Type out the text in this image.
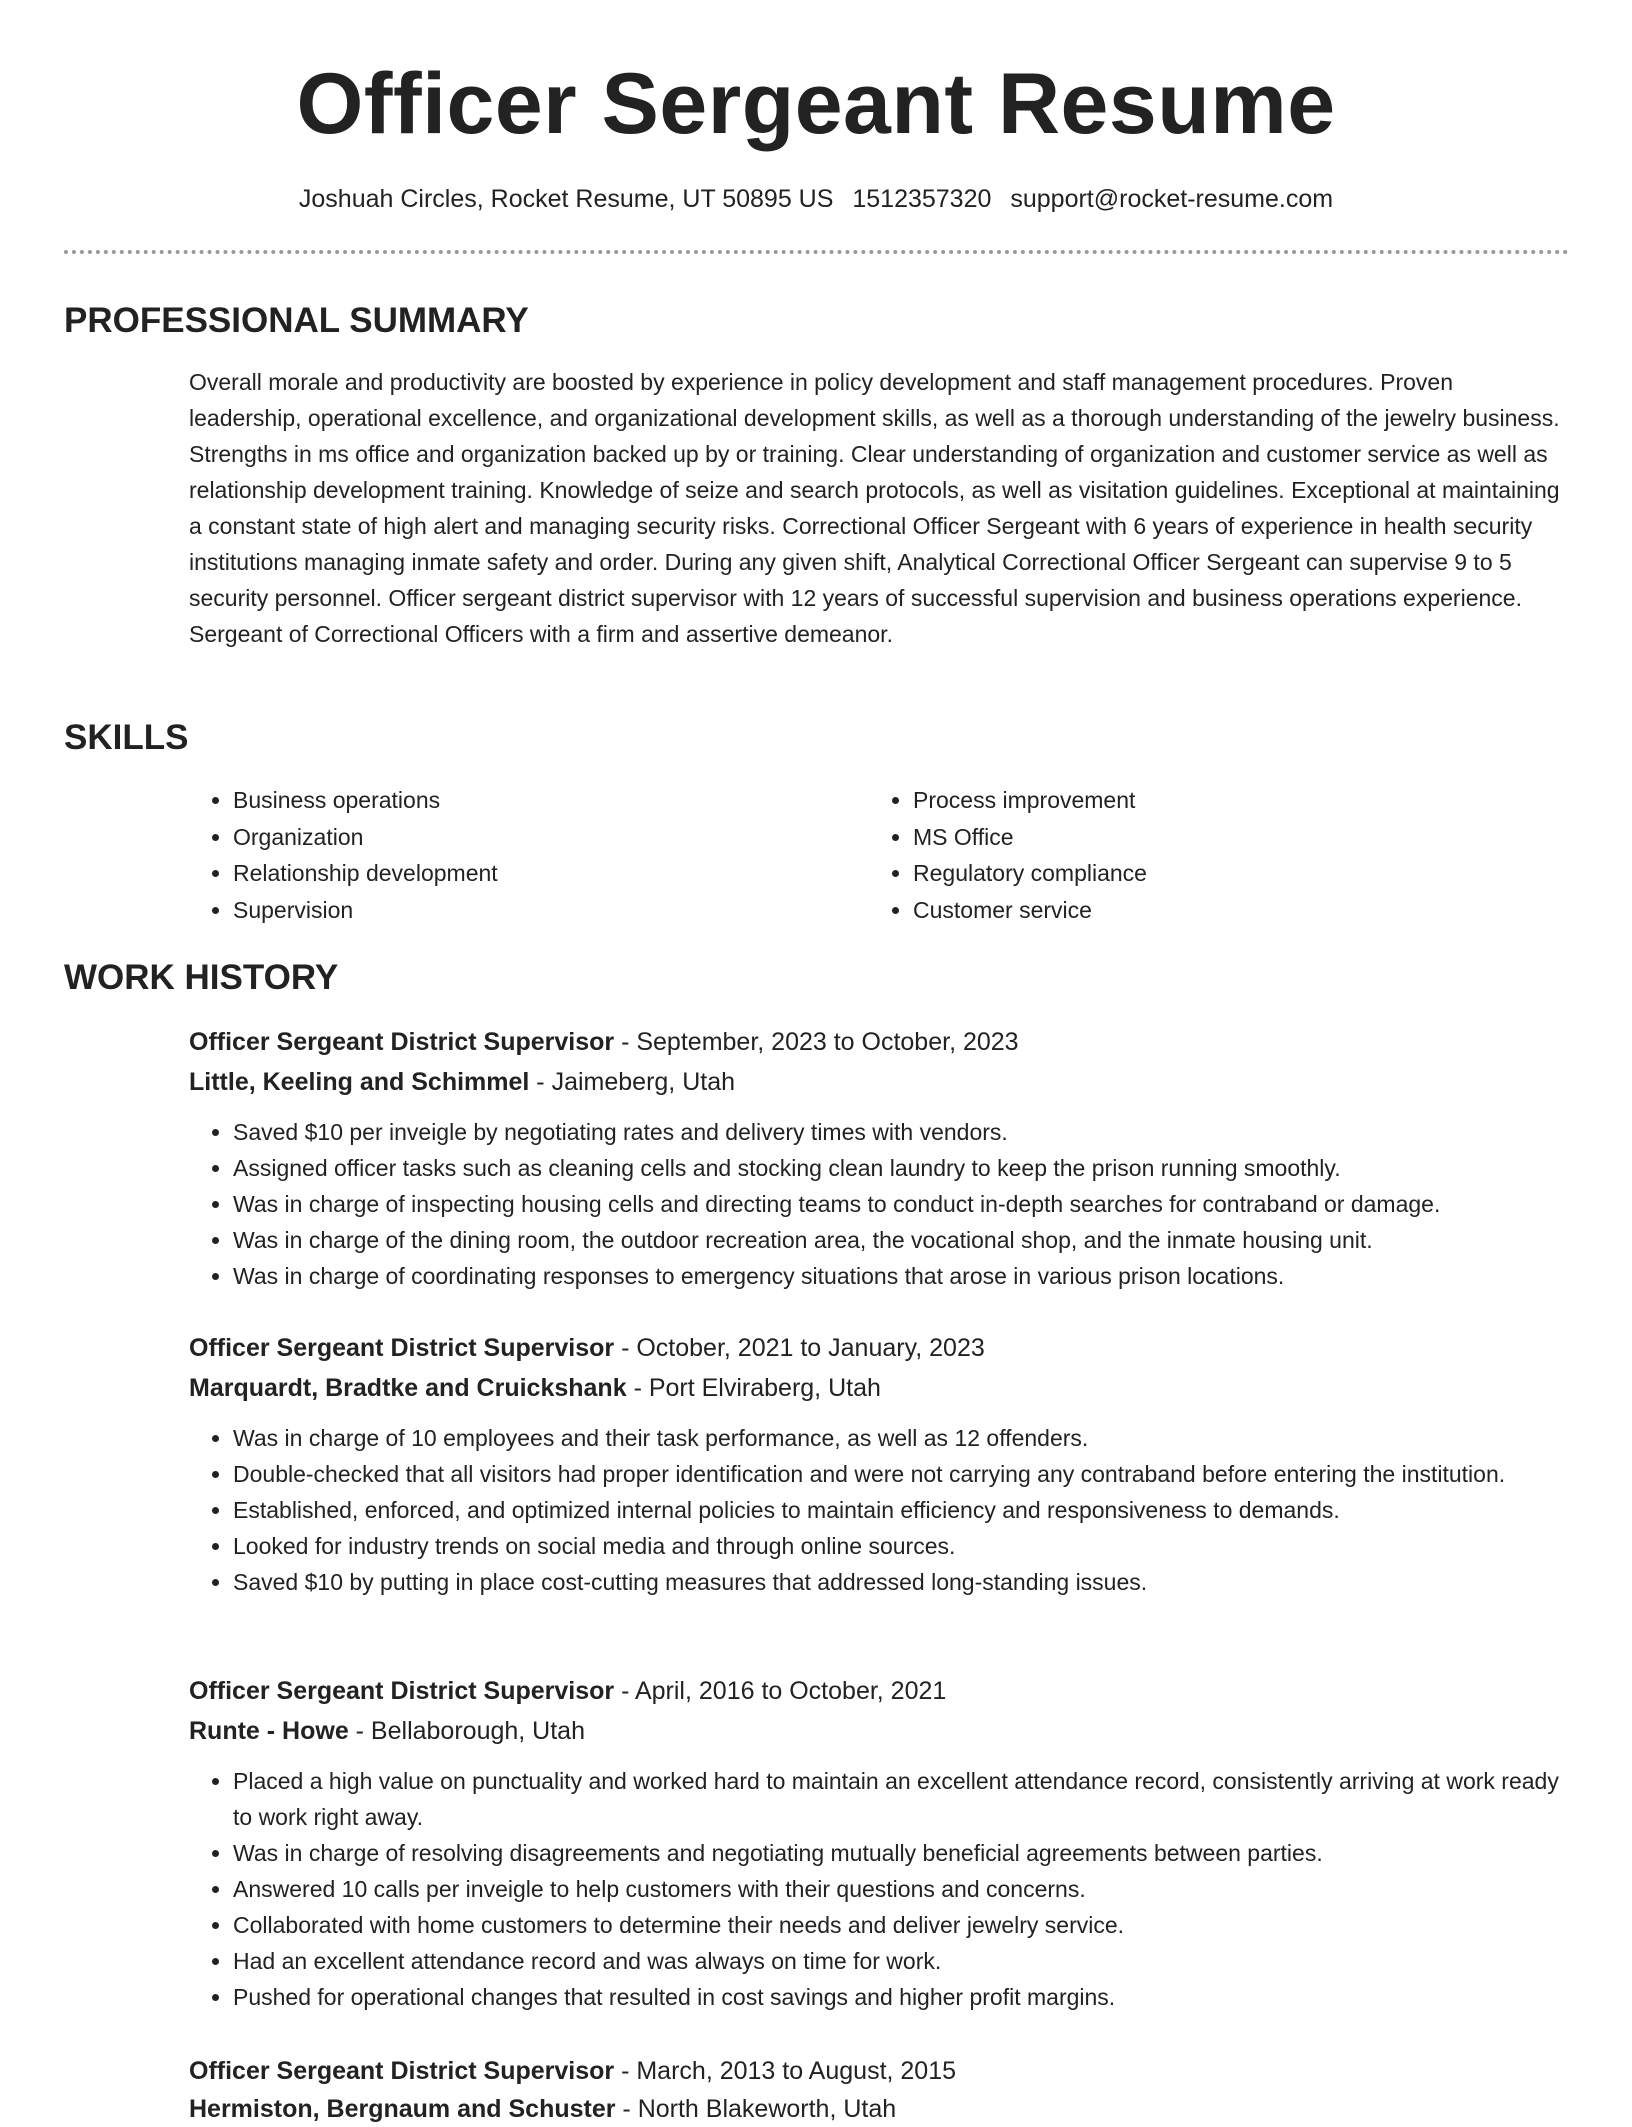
Officer Sergeant Resume
Joshuah Circles, Rocket Resume, UT 50895 US 1512357320 support@rocket-resume.com
PROFESSIONAL SUMMARY

Overall morale and productivity are boosted by experience in policy development and staff management procedures. Proven leadership, operational excellence, and organizational development skills, as well as a thorough understanding of the jewelry business. Strengths in ms office and organization backed up by or training. Clear understanding of organization and customer service as well as relationship development training. Knowledge of seize and search protocols, as well as visitation guidelines. Exceptional at maintaining a constant state of high alert and managing security risks. Correctional Officer Sergeant with 6 years of experience in health security institutions managing inmate safety and order. During any given shift, Analytical Correctional Officer Sergeant can supervise 9 to 5 security personnel. Officer sergeant district supervisor with 12 years of successful supervision and business operations experience. Sergeant of Correctional Officers with a firm and assertive demeanor.

SKILLS
• Business operations
• Organization
• Relationship development
• Supervision
• Process improvement
• MS Office
• Regulatory compliance
• Customer service
WORK HISTORY
Officer Sergeant District Supervisor - September, 2023 to October, 2023
Little, Keeling and Schimmel - Jaimeberg, Utah
• Saved $10 per inveigle by negotiating rates and delivery times with vendors.
• Assigned officer tasks such as cleaning cells and stocking clean laundry to keep the prison running smoothly.
• Was in charge of inspecting housing cells and directing teams to conduct in-depth searches for contraband or damage.
• Was in charge of the dining room, the outdoor recreation area, the vocational shop, and the inmate housing unit.
• Was in charge of coordinating responses to emergency situations that arose in various prison locations.
Officer Sergeant District Supervisor - October, 2021 to January, 2023
Marquardt, Bradtke and Cruickshank - Port Elviraberg, Utah
• Was in charge of 10 employees and their task performance, as well as 12 offenders.
• Double-checked that all visitors had proper identification and were not carrying any contraband before entering the institution.
• Established, enforced, and optimized internal policies to maintain efficiency and responsiveness to demands.
• Looked for industry trends on social media and through online sources.
• Saved $10 by putting in place cost-cutting measures that addressed long-standing issues.
Officer Sergeant District Supervisor - April, 2016 to October, 2021
Runte - Howe - Bellaborough, Utah
• Placed a high value on punctuality and worked hard to maintain an excellent attendance record, consistently arriving at work ready to work right away.
• Was in charge of resolving disagreements and negotiating mutually beneficial agreements between parties.
• Answered 10 calls per inveigle to help customers with their questions and concerns.
• Collaborated with home customers to determine their needs and deliver jewelry service.
• Had an excellent attendance record and was always on time for work.
• Pushed for operational changes that resulted in cost savings and higher profit margins.
Officer Sergeant District Supervisor - March, 2013 to August, 2015
Hermiston, Bergnaum and Schuster - North Blakeworth, Utah
